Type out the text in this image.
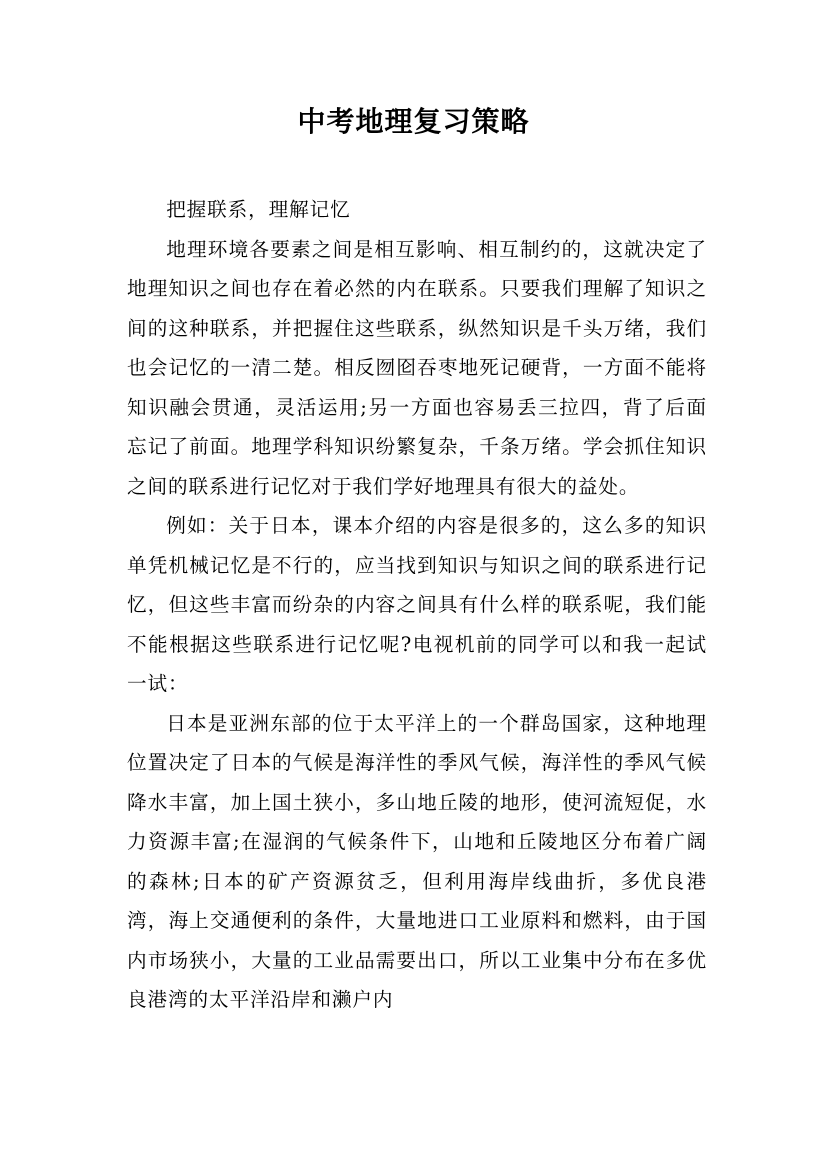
中考地理复习策略

把握联系，理解记忆

地理环境各要素之间是相互影响、相互制约的，这就决定了地理知识之间也存在着必然的内在联系。只要我们理解了知识之间的这种联系，并把握住这些联系，纵然知识是千头万绪，我们也会记忆的一清二楚。相反囫囵吞枣地死记硬背，一方面不能将知识融会贯通，灵活运用;另一方面也容易丢三拉四，背了后面忘记了前面。地理学科知识纷繁复杂，千条万绪。学会抓住知识之间的联系进行记忆对于我们学好地理具有很大的益处。

例如：关于日本，课本介绍的内容是很多的，这么多的知识单凭机械记忆是不行的，应当找到知识与知识之间的联系进行记忆，但这些丰富而纷杂的内容之间具有什么样的联系呢，我们能不能根据这些联系进行记忆呢?电视机前的同学可以和我一起试一试：

日本是亚洲东部的位于太平洋上的一个群岛国家，这种地理位置决定了日本的气候是海洋性的季风气候，海洋性的季风气候降水丰富，加上国土狭小，多山地丘陵的地形，使河流短促，水力资源丰富;在湿润的气候条件下，山地和丘陵地区分布着广阔的森林;日本的矿产资源贫乏，但利用海岸线曲折，多优良港湾，海上交通便利的条件，大量地进口工业原料和燃料，由于国内市场狭小，大量的工业品需要出口，所以工业集中分布在多优良港湾的太平洋沿岸和濑户内
